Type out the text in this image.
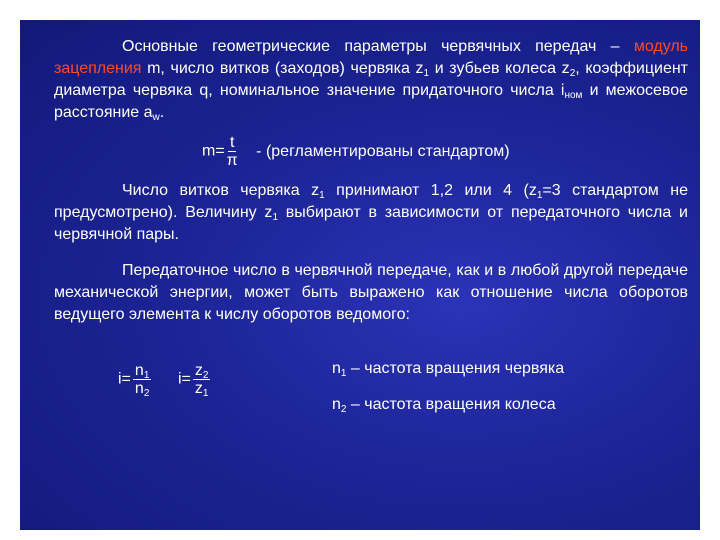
Основные геометрические параметры червячных передач – модуль зацепления m, число витков (заходов) червяка $z_1$ и зубьев колеса $z_2$, коэффициент диаметра червяка q, номинальное значение придаточного числа $i_{ном}$ и межосевое расстояние $a_w$.
$m= \frac{t}{\pi}$ - (регламентированы стандартом)
Число витков червяка $z_1$ принимают 1,2 или 4 ($z_1=3$ стандартом не предусмотрено). Величину $z_1$ выбирают в зависимости от передаточного числа и червячной пары.
Передаточное число в червячной передаче, как и в любой другой передаче механической энергии, может быть выражено как отношение числа оборотов ведущего элемента к числу оборотов ведомого:
$i= \frac{n_1}{n_2} i= \frac{z_2}{z_1}$	$n_1$ – частота вращения червяка
$n_2$ – частота вращения колеса
